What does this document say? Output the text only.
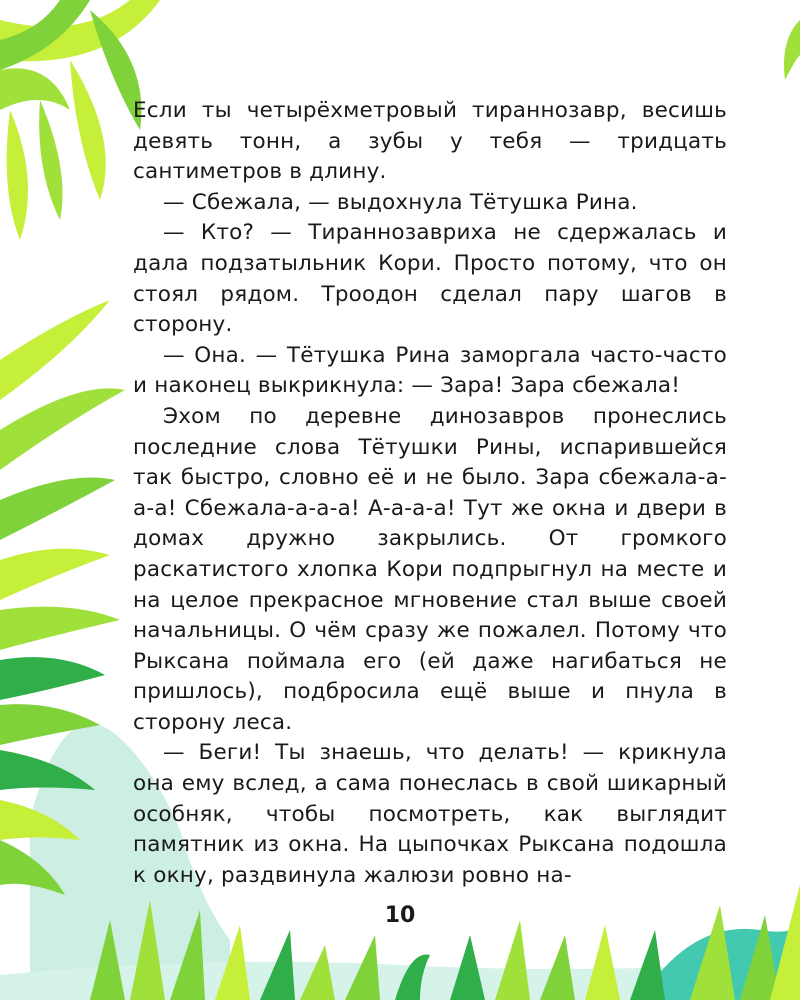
Если ты четырёхметровый тираннозавр, весишь девять тонн, а зубы у тебя — тридцать сантиметров в длину.

— Сбежала, — выдохнула Тётушка Рина.

— Кто? — Тираннозавриха не сдержалась и дала подзатыльник Кори. Просто потому, что он стоял рядом. Троодон сделал пару шагов в сторону.

— Она. — Тётушка Рина заморгала часто-часто и наконец выкрикнула: — Зара! Зара сбежала!

Эхом по деревне динозавров пронеслись последние слова Тётушки Рины, испарившейся так быстро, словно её и не было. Зара сбежала-а-а-а! Сбежала-а-а-а! А-а-а-а! Тут же окна и двери в домах дружно закрылись. От громкого раскатистого хлопка Кори подпрыгнул на месте и на целое прекрасное мгновение стал выше своей начальницы. О чём сразу же пожалел. Потому что Рыксана поймала его (ей даже нагибаться не пришлось), подбросила ещё выше и пнула в сторону леса.

— Беги! Ты знаешь, что делать! — крикнула она ему вслед, а сама понеслась в свой шикарный особняк, чтобы посмотреть, как выглядит памятник из окна. На цыпочках Рыксана подошла к окну, раздвинула жалюзи ровно на-

10
